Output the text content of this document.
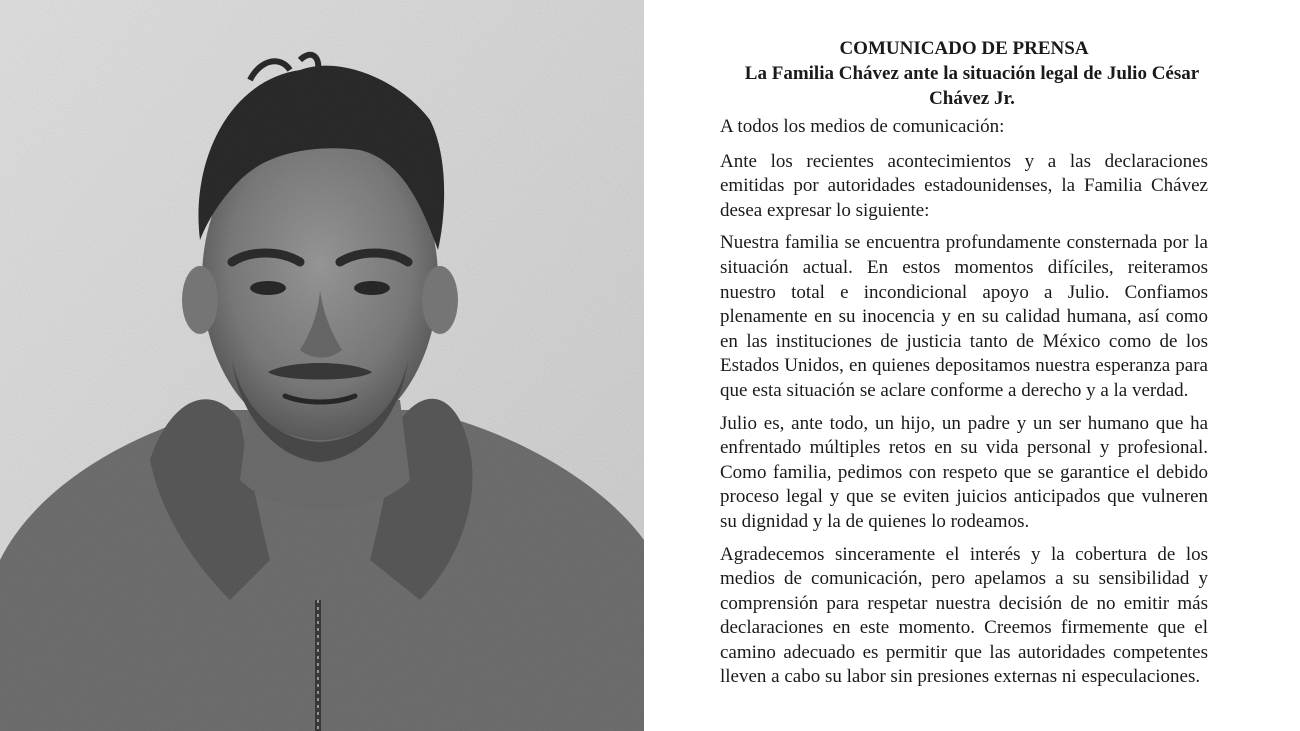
COMUNICADO DE PRENSA

La Familia Chávez ante la situación legal de Julio César Chávez Jr.

A todos los medios de comunicación:

Ante los recientes acontecimientos y a las declaraciones emitidas por autoridades estadounidenses, la Familia Chávez desea expresar lo siguiente:

Nuestra familia se encuentra profundamente consternada por la situación actual. En estos momentos difíciles, reiteramos nuestro total e incondicional apoyo a Julio. Confiamos plenamente en su inocencia y en su calidad humana, así como en las instituciones de justicia tanto de México como de los Estados Unidos, en quienes depositamos nuestra esperanza para que esta situación se aclare conforme a derecho y a la verdad.

Julio es, ante todo, un hijo, un padre y un ser humano que ha enfrentado múltiples retos en su vida personal y profesional. Como familia, pedimos con respeto que se garantice el debido proceso legal y que se eviten juicios anticipados que vulneren su dignidad y la de quienes lo rodeamos.

Agradecemos sinceramente el interés y la cobertura de los medios de comunicación, pero apelamos a su sensibilidad y comprensión para respetar nuestra decisión de no emitir más declaraciones en este momento. Creemos firmemente que el camino adecuado es permitir que las autoridades competentes lleven a cabo su labor sin presiones externas ni especulaciones.
